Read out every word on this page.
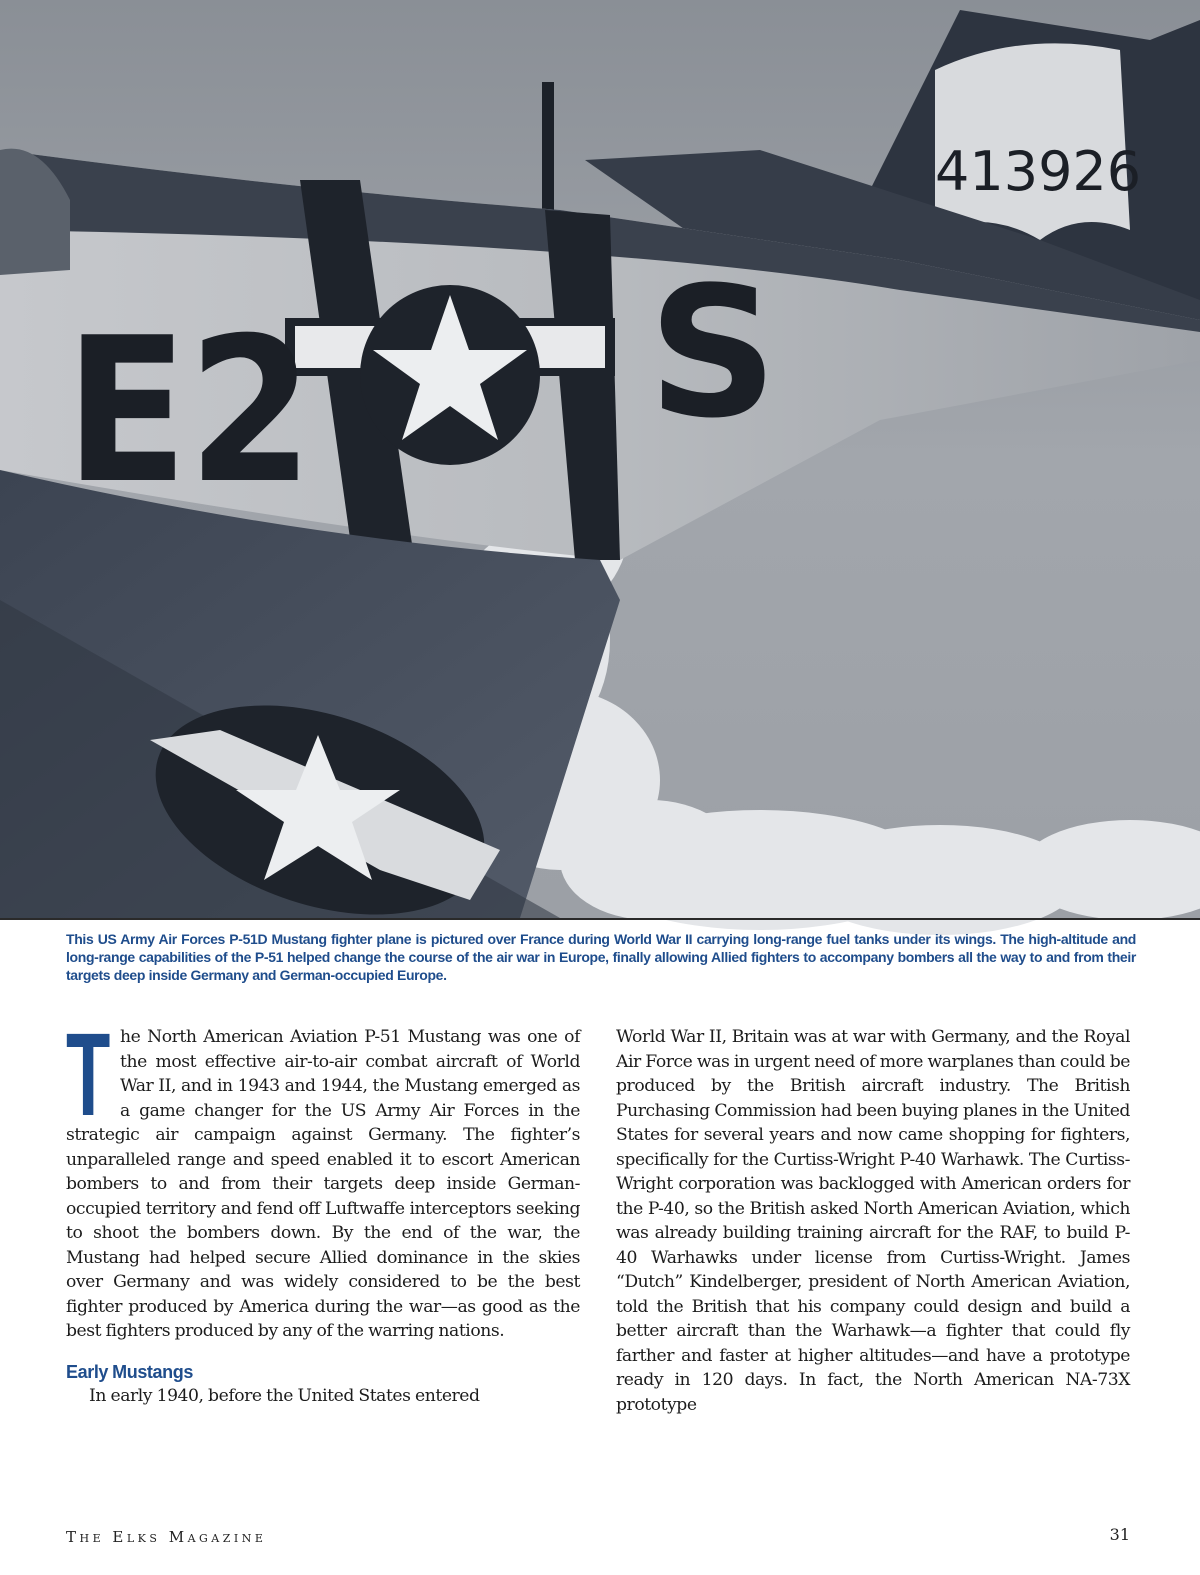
E2 S
413926
This US Army Air Forces P-51D Mustang fighter plane is pictured over France during World War II carrying long-range fuel tanks under its wings. The high-altitude and long-range capabilities of the P-51 helped change the course of the air war in Europe, finally allowing Allied fighters to accompany bombers all the way to and from their targets deep inside Germany and German-occupied Europe.

T he North American Aviation P-51 Mustang was one of the most effective air-to-air combat aircraft of World War II, and in 1943 and 1944, the Mustang emerged as a game changer for the US Army Air Forces in the strategic air campaign against Germany. The fighter’s unparalleled range and speed enabled it to escort American bombers to and from their targets deep inside German-occupied territory and fend off Luftwaffe interceptors seeking to shoot the bombers down. By the end of the war, the Mustang had helped secure Allied dominance in the skies over Germany and was widely considered to be the best fighter produced by America during the war—as good as the best fighters produced by any of the warring nations.

Early Mustangs

In early 1940, before the United States entered

World War II, Britain was at war with Germany, and the Royal Air Force was in urgent need of more warplanes than could be produced by the British aircraft industry. The British Purchasing Commission had been buying planes in the United States for several years and now came shopping for fighters, specifically for the Curtiss-Wright P-40 Warhawk. The Curtiss-Wright corporation was backlogged with American orders for the P-40, so the British asked North American Aviation, which was already building training aircraft for the RAF, to build P-40 Warhawks under license from Curtiss-Wright. James “Dutch” Kindelberger, president of North American Aviation, told the British that his company could design and build a better aircraft than the Warhawk—a fighter that could fly farther and faster at higher altitudes—and have a prototype ready in 120 days. In fact, the North American NA-73X prototype

THE ELKS MAGAZINE	31
